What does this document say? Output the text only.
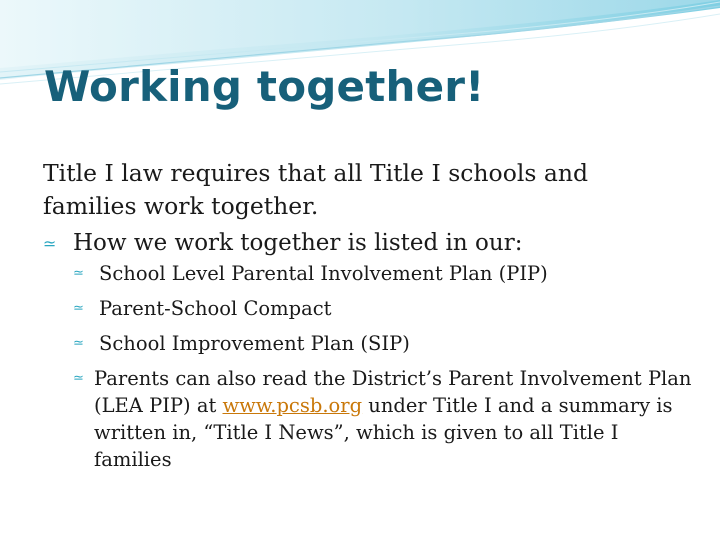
Working together!

Title I law requires that all Title I schools and families work together.

≃ How we work together is listed in our:
≃ School Level Parental Involvement Plan (PIP)
≃ Parent-School Compact
≃ School Improvement Plan (SIP)
≃ Parents can also read the District’s Parent Involvement Plan (LEA PIP) at www.pcsb.org under Title I and a summary is written in, “Title I News”, which is given to all Title I families
